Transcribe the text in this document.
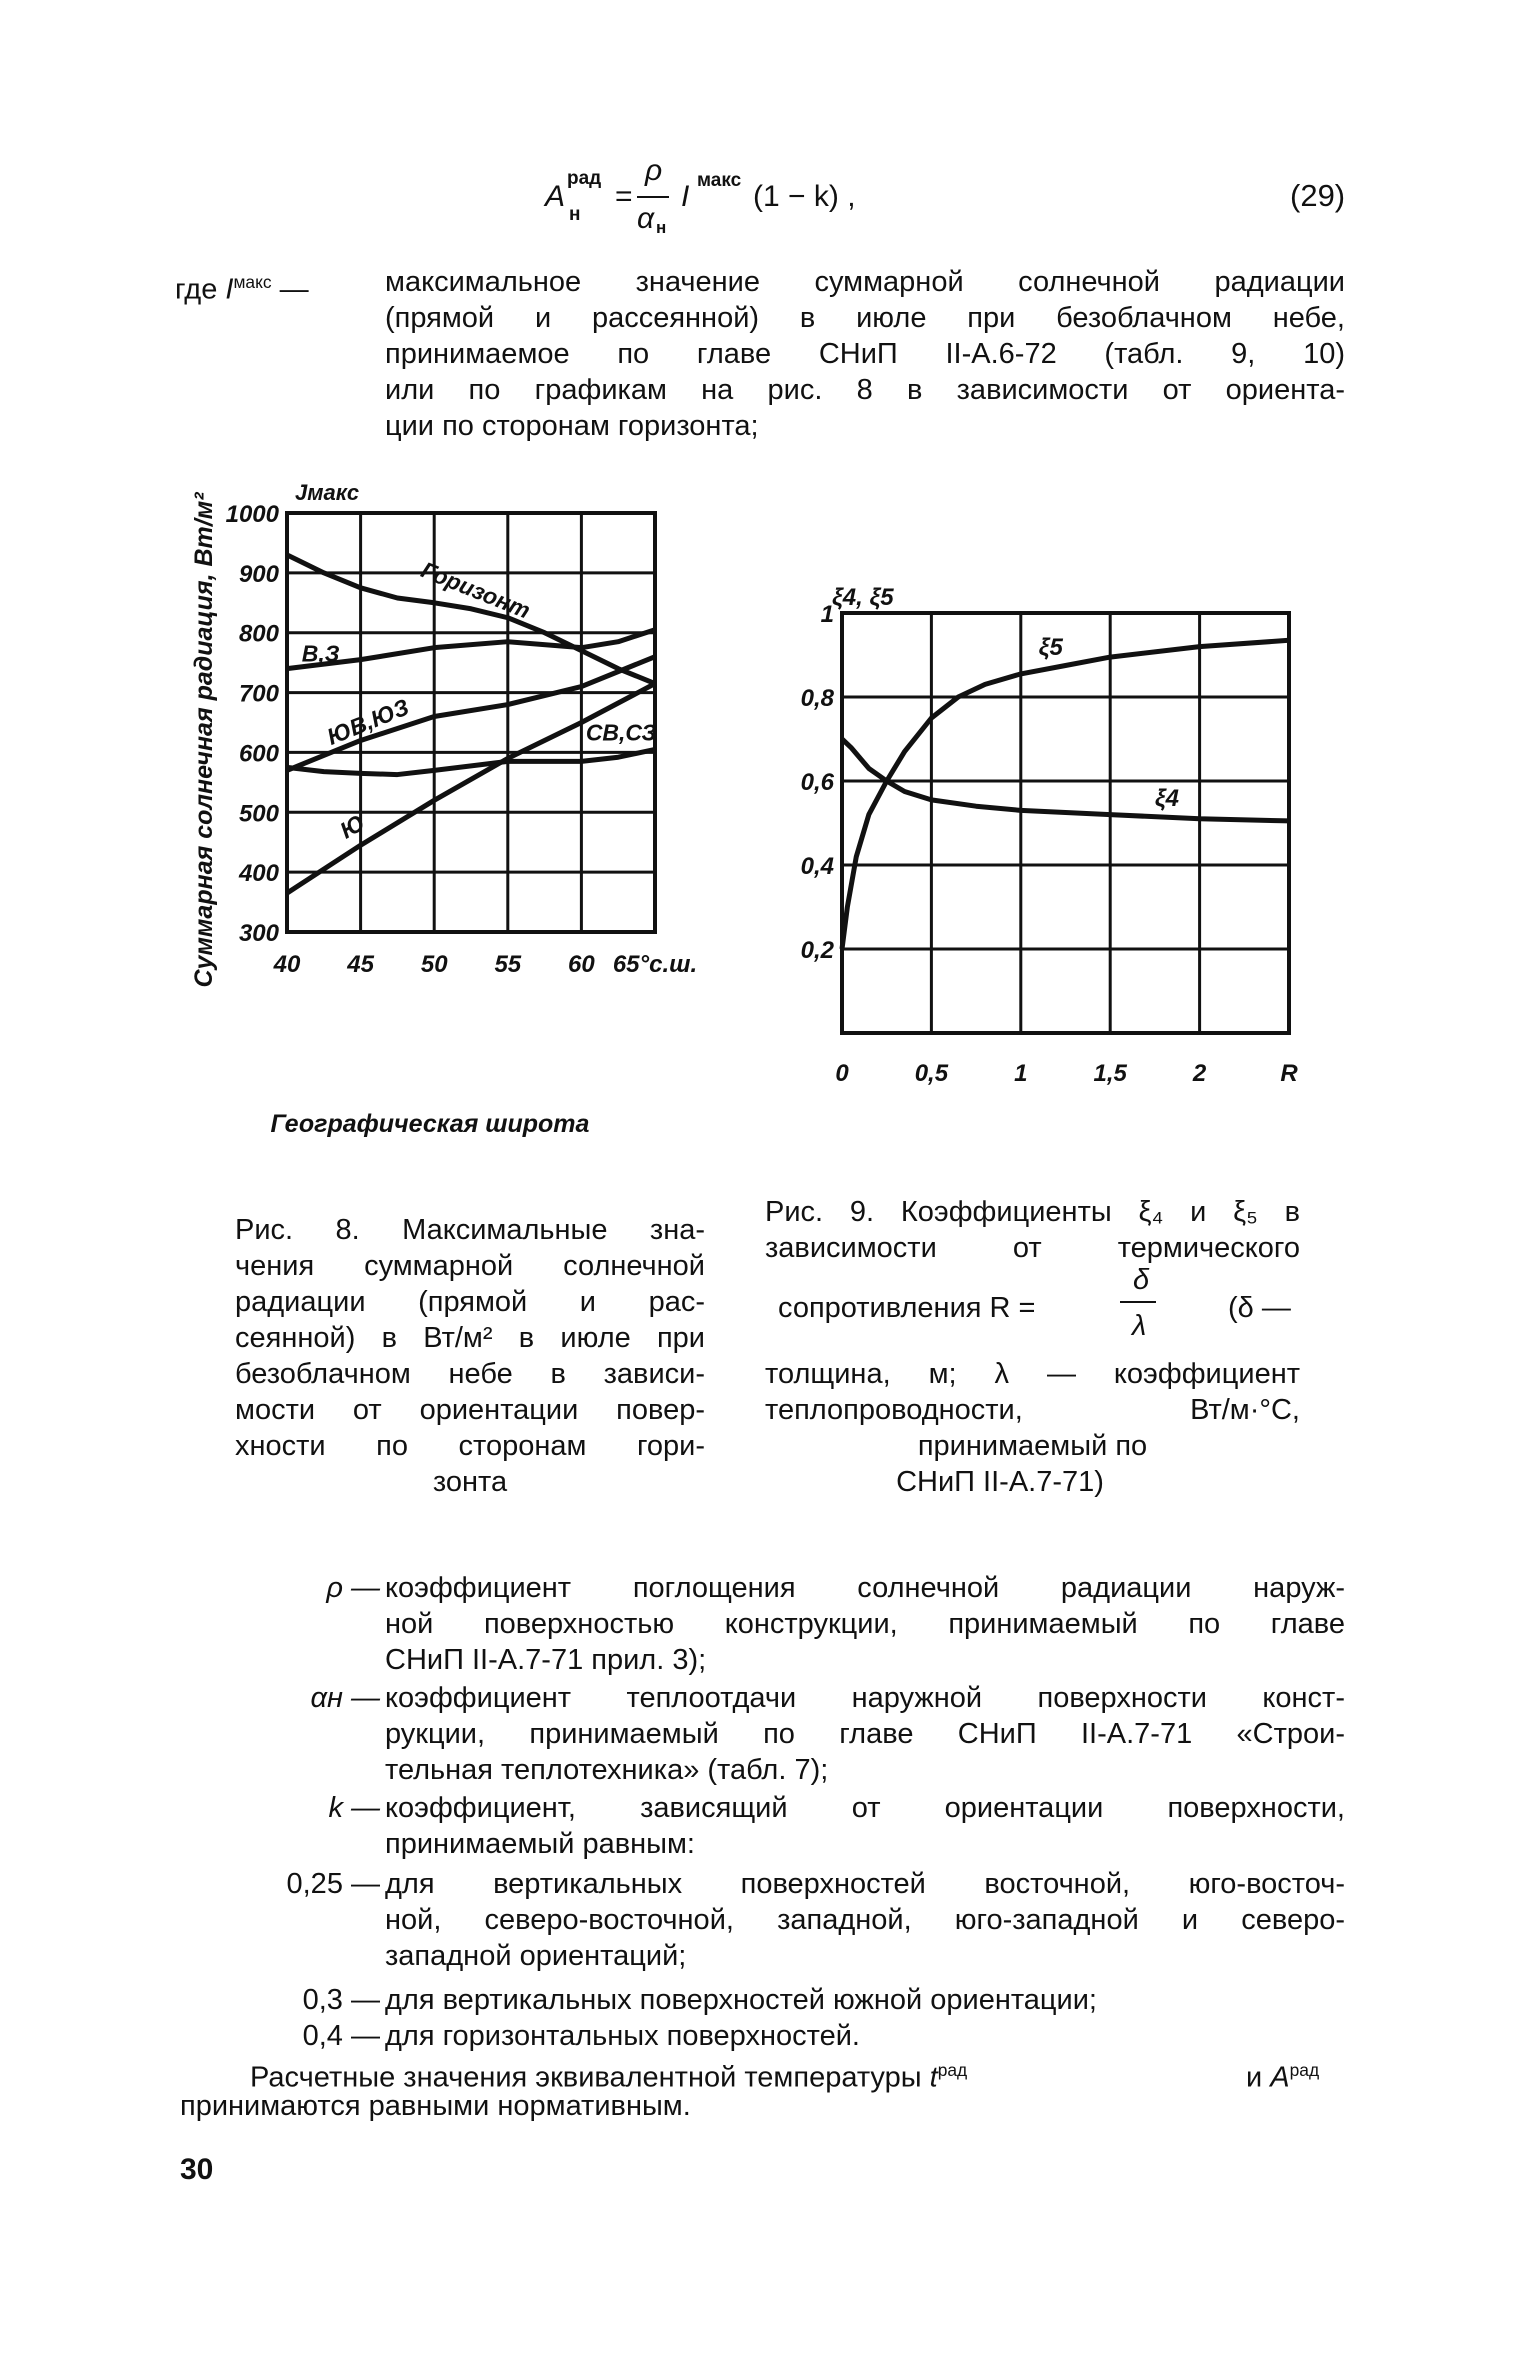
A
рад
н
=
ρ
α н
I макс (1 − k) ,	(29)
где $I^{макс}$ —	максимальное значение суммарной солнечной радиации
(прямой и рассеянной) в июле при безоблачном небе,
принимаемое по главе СНиП II-А.6-72 (табл. 9, 10)
или по графикам на рис. 8 в зависимости от ориента-
ции по сторонам горизонта;
300
400
500
600
700
800
900
1000
40 45 50 55 60 65°с.ш.
Jмакс
Суммарная солнечная радиация, Вт/м²
Географическая широта
Горизонт
В,З
ЮВ,ЮЗ	СВ,СЗ
Ю
0,2
0,4
0,6
0,8
1
0	0,5	1	1,5	2	R
ξ4, ξ5
ξ5
ξ4
Рис. 8. Максимальные зна-
чения суммарной солнечной
радиации (прямой и рас-
сеянной) в Вт/м² в июле при
безоблачном небе в зависи-
мости от ориентации повер-
хности по сторонам гори-
зонта
Рис. 9. Коэффициенты ξ₄ и ξ₅ в
зависимости от термического
сопротивления R =
δ
λ
(δ —
толщина, м; λ — коэффициент
теплопроводности, Вт/м·°С,
принимаемый по
СНиП II-А.7-71)
ρ — коэффициент поглощения солнечной радиации наруж-
ной поверхностью конструкции, принимаемый по главе
СНиП II-А.7-71 прил. 3);
αн — коэффициент теплоотдачи наружной поверхности конст-
рукции, принимаемый по главе СНиП II-А.7-71 «Строи-
тельная теплотехника» (табл. 7);
k — коэффициент, зависящий от ориентации поверхности,
принимаемый равным:
0,25 — для вертикальных поверхностей восточной, юго-восточ-
ной, северо-восточной, западной, юго-западной и северо-
западной ориентаций;
0,3 — для вертикальных поверхностей южной ориентации;
0,4 — для горизонтальных поверхностей.
Расчетные значения эквивалентной температуры $t^{рад}$	и $A^{рад}$
принимаются равными нормативным.
30
